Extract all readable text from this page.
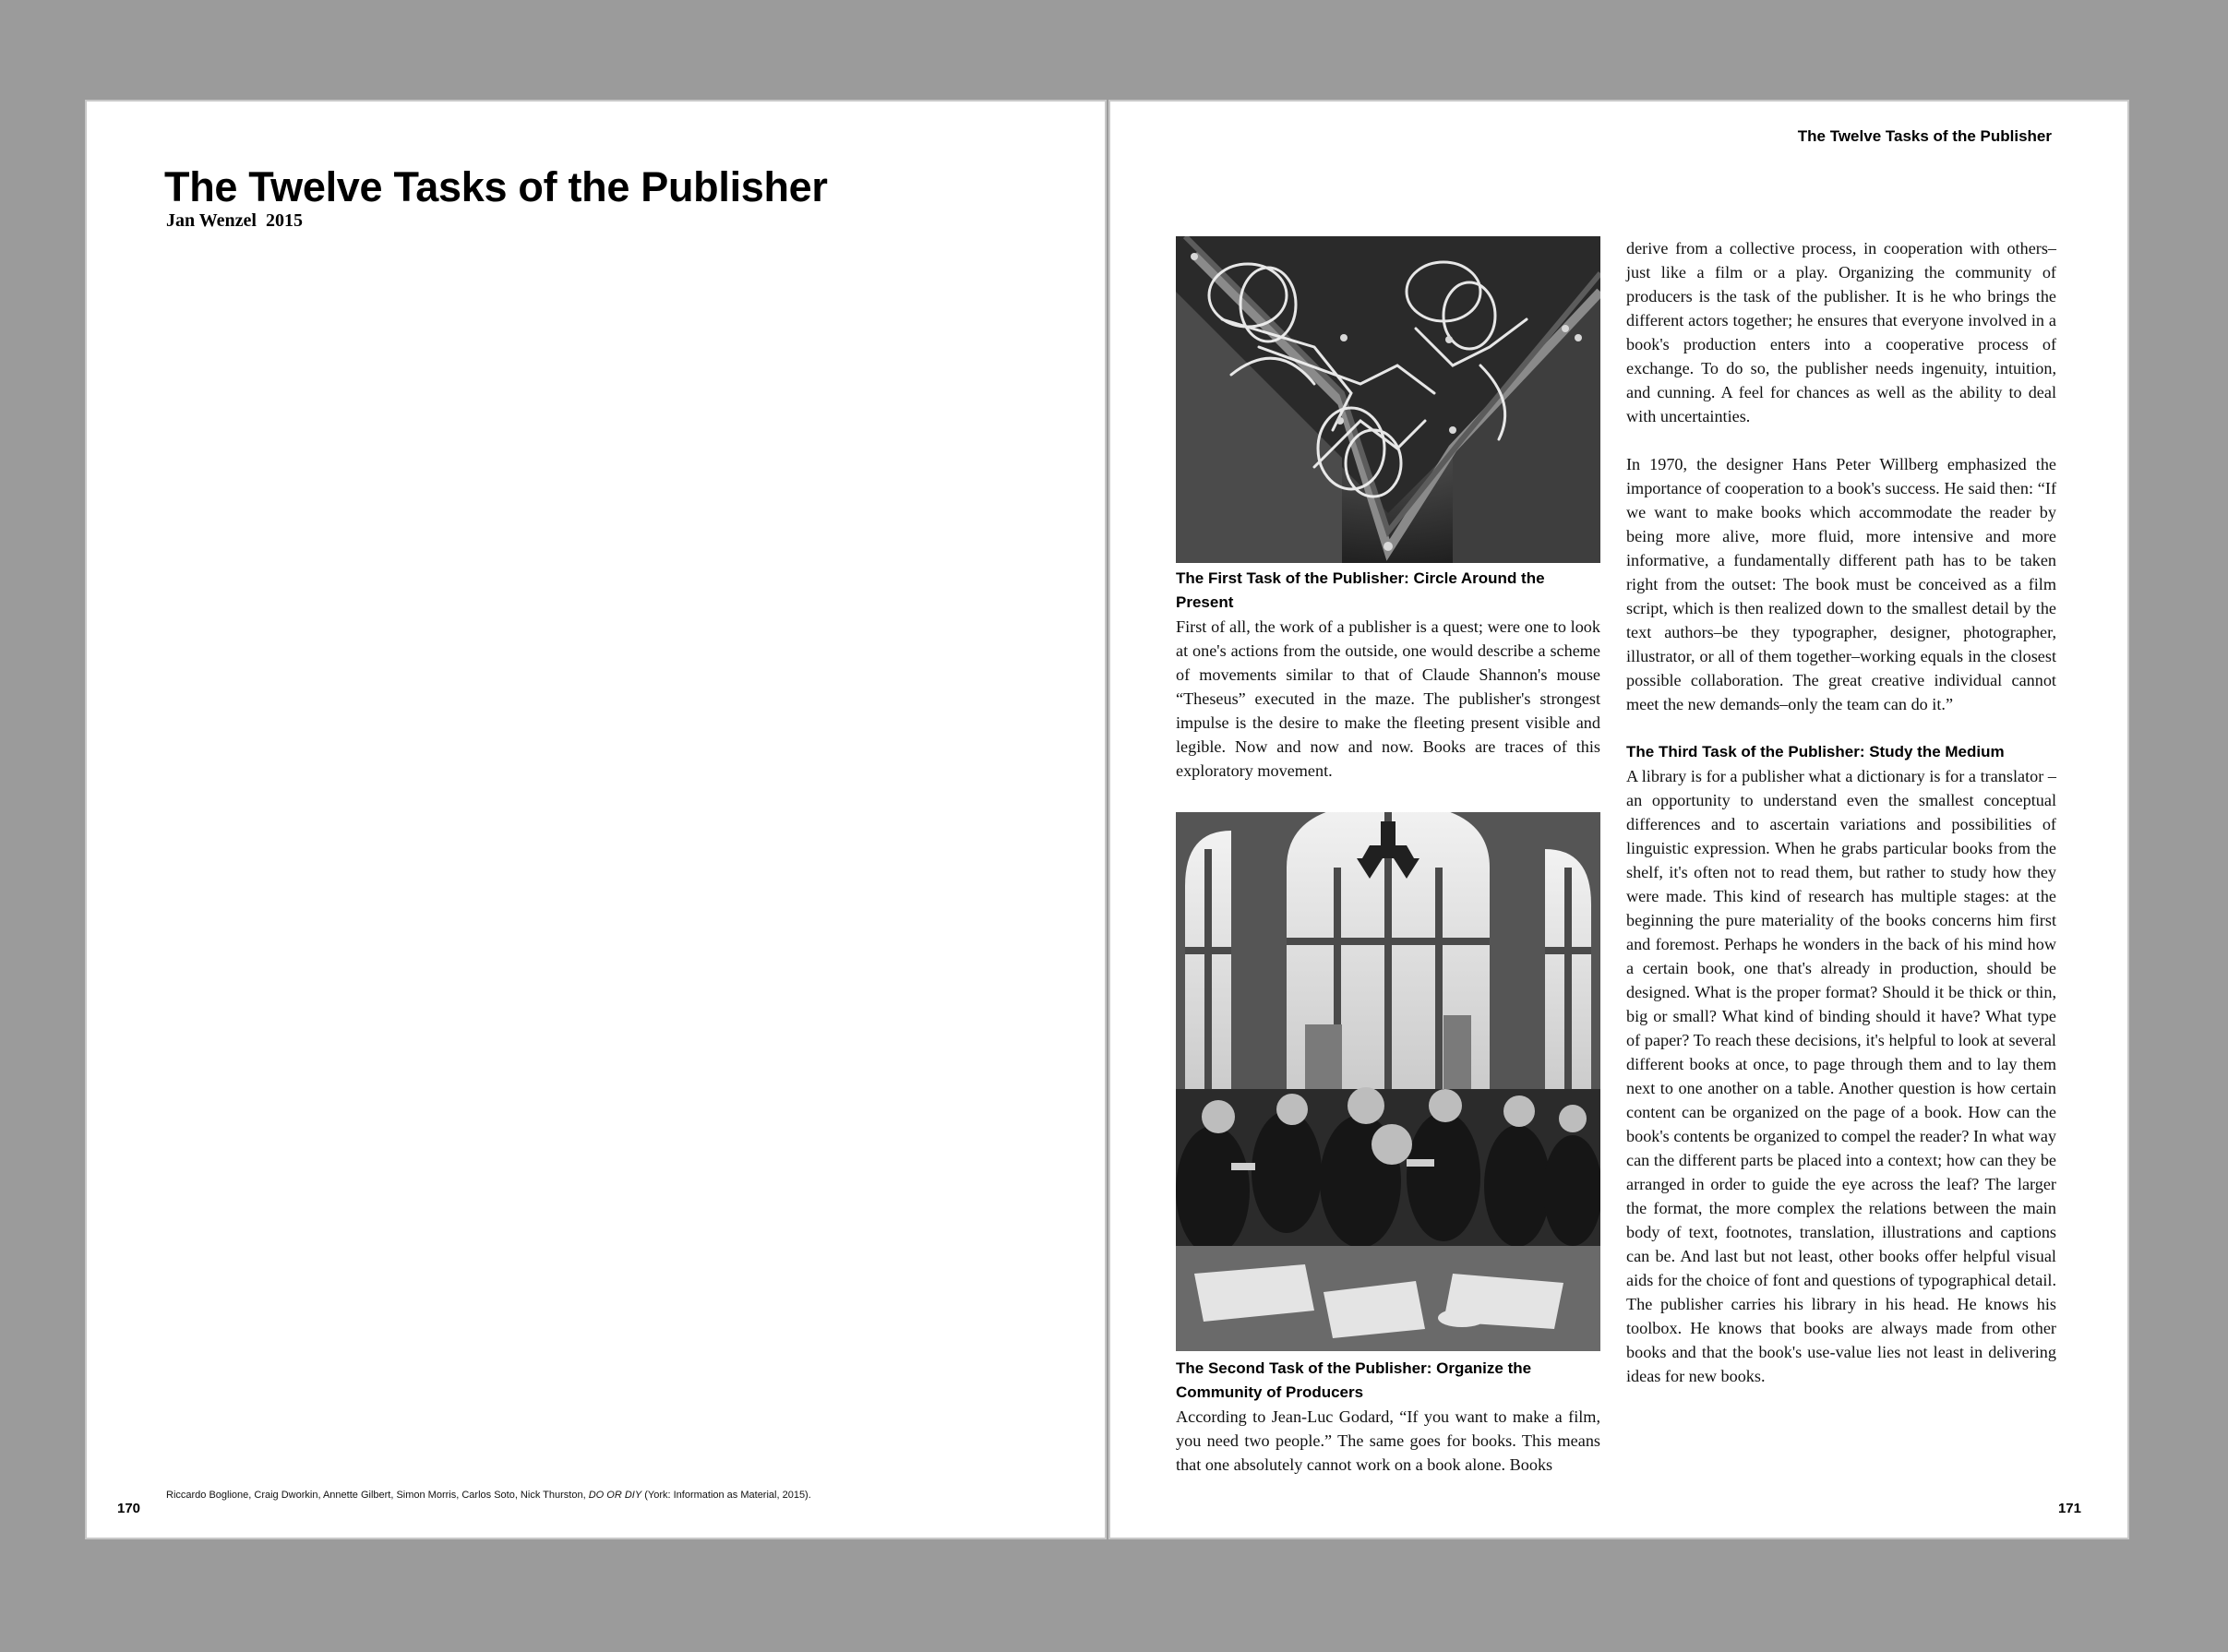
The Twelve Tasks of the Publisher
Jan Wenzel  2015
Riccardo Boglione, Craig Dworkin, Annette Gilbert, Simon Morris, Carlos Soto, Nick Thurston, DO OR DIY (York: Information as Material, 2015).
170
The Twelve Tasks of the Publisher
The First Task of the Publisher: Circle Around the Present

First of all, the work of a publisher is a quest; were one to look at one's actions from the outside, one would describe a scheme of movements similar to that of Claude Shannon's mouse “Theseus” executed in the maze. The publisher's strongest impulse is the desire to make the fleeting present visible and legible. Now and now and now. Books are traces of this exploratory movement.

The Second Task of the Publisher: Organize the Community of Producers

According to Jean-Luc Godard, “If you want to make a film, you need two people.” The same goes for books. This means that one absolutely cannot work on a book alone. Books

derive from a collective process, in cooperation with others–just like a film or a play. Organizing the community of producers is the task of the publisher. It is he who brings the different actors together; he ensures that everyone involved in a book's production enters into a cooperative process of exchange. To do so, the publisher needs ingenuity, intuition, and cunning. A feel for chances as well as the ability to deal with uncertainties.

In 1970, the designer Hans Peter Willberg emphasized the importance of cooperation to a book's success. He said then: “If we want to make books which accommodate the reader by being more alive, more fluid, more intensive and more informative, a fundamentally different path has to be taken right from the outset: The book must be conceived as a film script, which is then realized down to the smallest detail by the text authors–be they typographer, designer, photographer, illustrator, or all of them together–working equals in the closest possible collaboration. The great creative individual cannot meet the new demands–only the team can do it.”

The Third Task of the Publisher: Study the Medium

A library is for a publisher what a dictionary is for a translator – an opportunity to understand even the smallest conceptual differences and to ascertain variations and possibilities of linguistic expression. When he grabs particular books from the shelf, it's often not to read them, but rather to study how they were made. This kind of research has multiple stages: at the beginning the pure materiality of the books concerns him first and foremost. Perhaps he wonders in the back of his mind how a certain book, one that's already in production, should be designed. What is the proper format? Should it be thick or thin, big or small? What kind of binding should it have? What type of paper? To reach these decisions, it's helpful to look at several different books at once, to page through them and to lay them next to one another on a table. Another question is how certain content can be organized on the page of a book. How can the book's contents be organized to compel the reader? In what way can the different parts be placed into a context; how can they be arranged in order to guide the eye across the leaf? The larger the format, the more complex the relations between the main body of text, footnotes, translation, illustrations and captions can be. And last but not least, other books offer helpful visual aids for the choice of font and questions of typographical detail. The publisher carries his library in his head. He knows his toolbox. He knows that books are always made from other books and that the book's use-value lies not least in delivering ideas for new books.

171
